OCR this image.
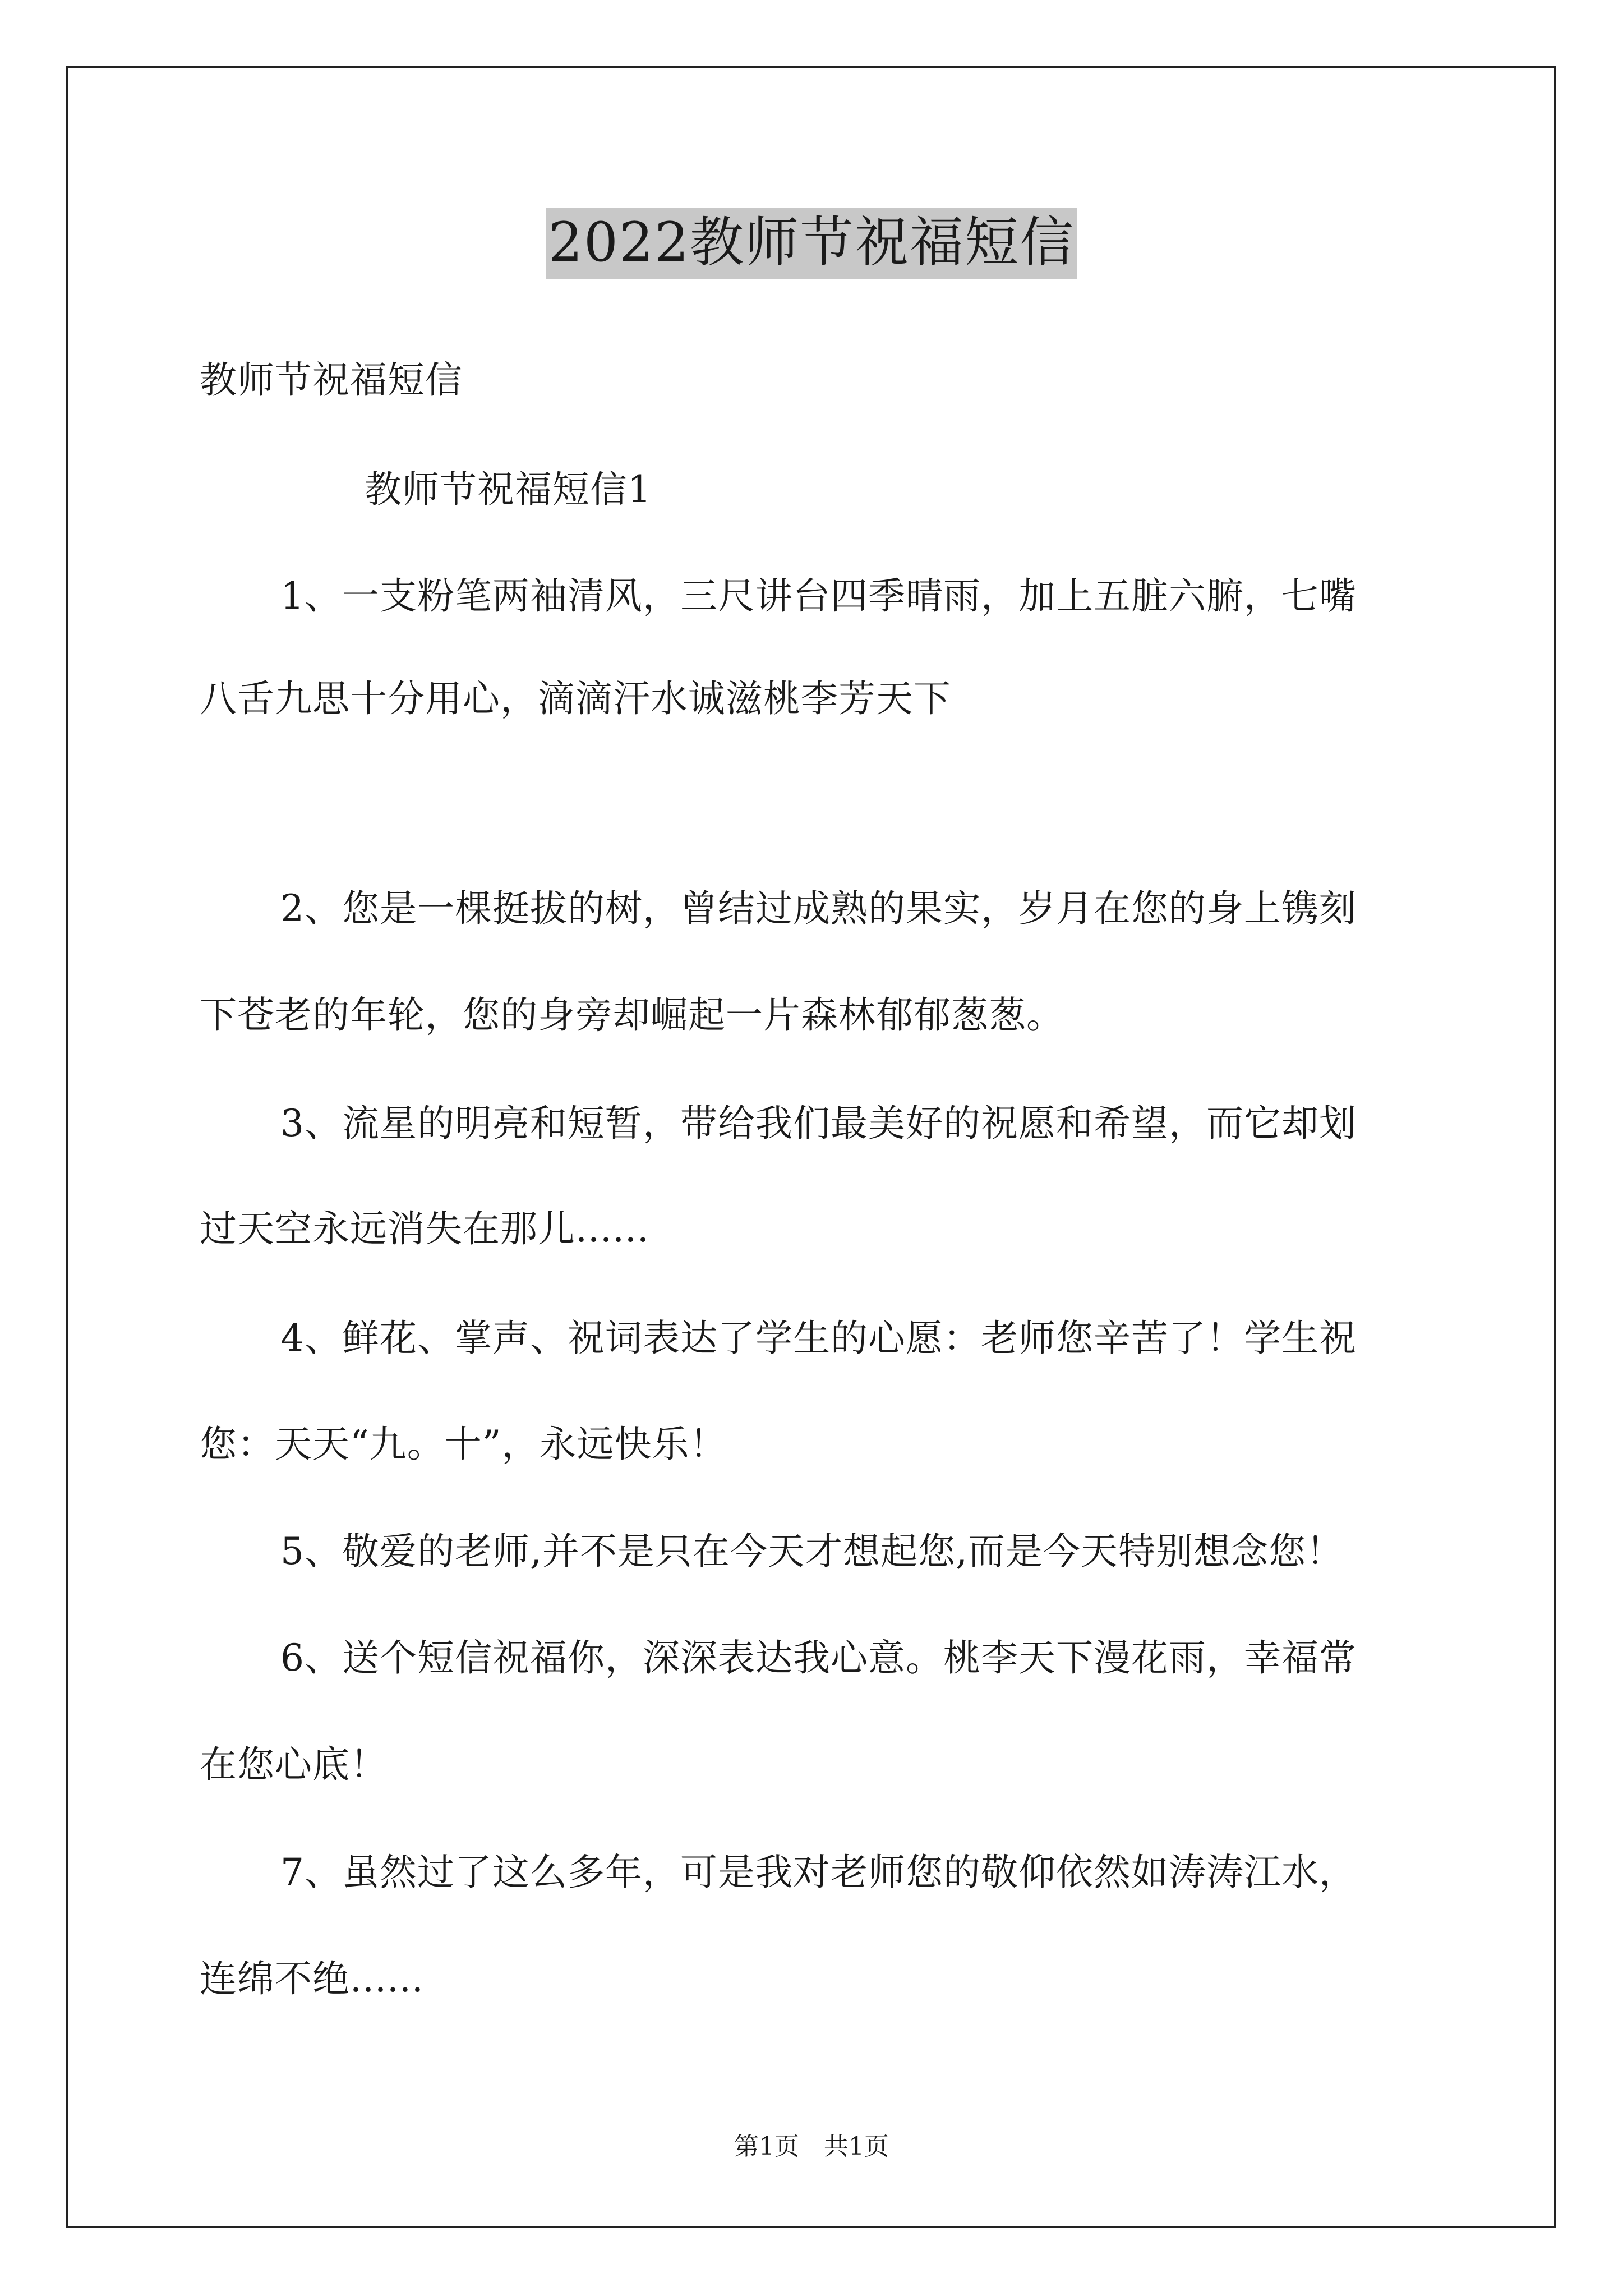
2022教师节祝福短信

教师节祝福短信

教师节祝福短信1

1、一支粉笔两袖清风，三尺讲台四季晴雨，加上五脏六腑，七嘴

八舌九思十分用心，滴滴汗水诚滋桃李芳天下

2、您是一棵挺拔的树，曾结过成熟的果实，岁月在您的身上镌刻

下苍老的年轮，您的身旁却崛起一片森林郁郁葱葱。

3、流星的明亮和短暂，带给我们最美好的祝愿和希望，而它却划

过天空永远消失在那儿......

4、鲜花、掌声、祝词表达了学生的心愿：老师您辛苦了！学生祝

您：天天“九。十”，永远快乐！

5、敬爱的老师,并不是只在今天才想起您,而是今天特别想念您！

6、送个短信祝福你，深深表达我心意。桃李天下漫花雨，幸福常

在您心底！

7、虽然过了这么多年，可是我对老师您的敬仰依然如涛涛江水，

连绵不绝......

第1页　共1页
